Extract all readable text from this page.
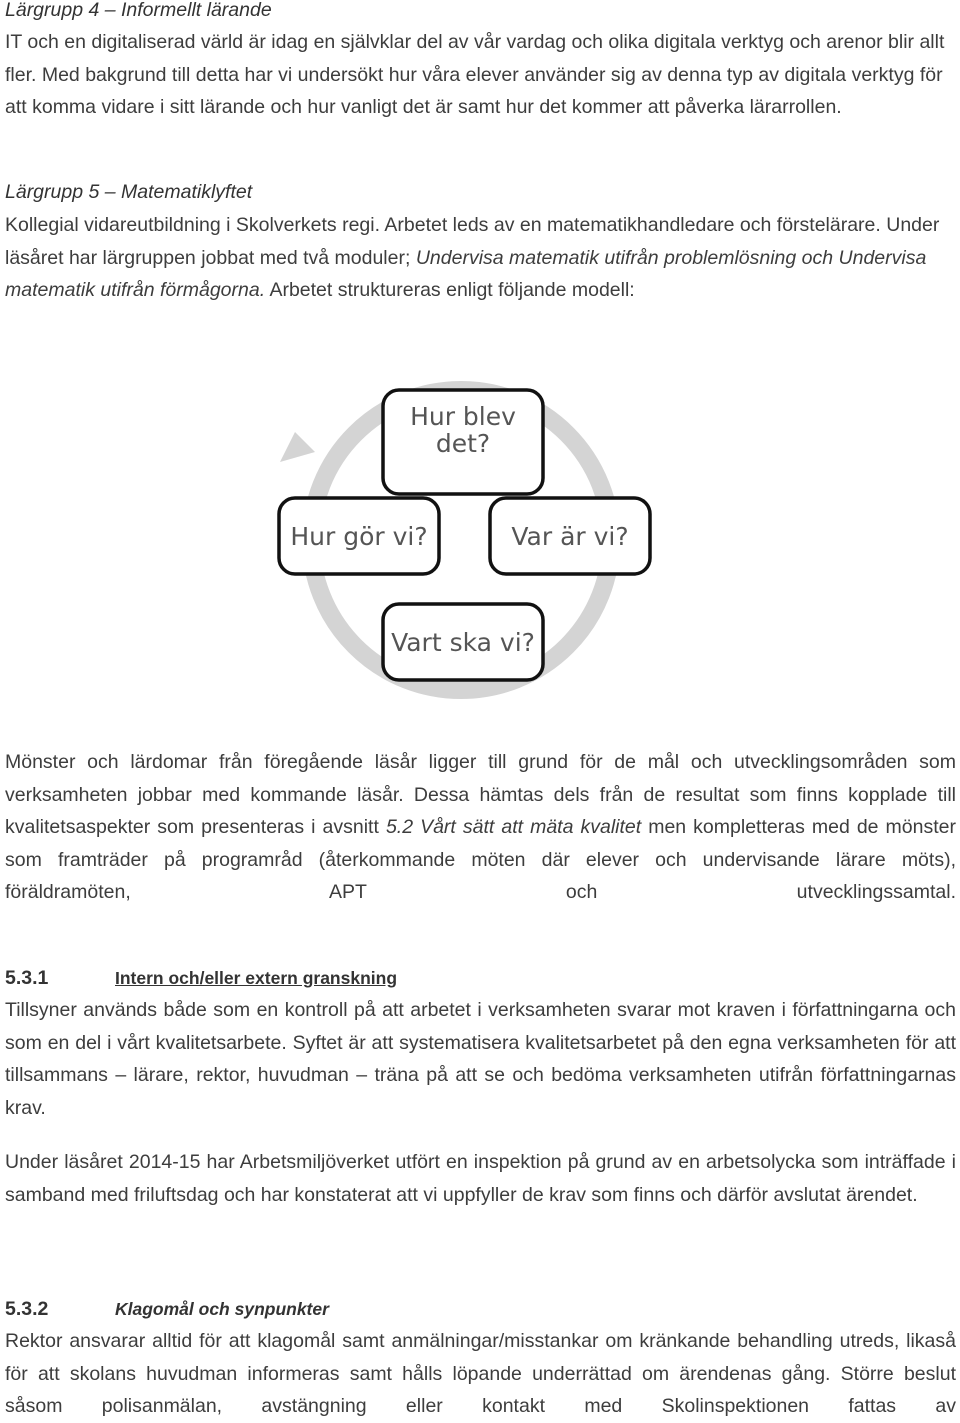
Lärgrupp 4 – Informellt lärande
IT och en digitaliserad värld är idag en självklar del av vår vardag och olika digitala verktyg och arenor blir allt fler. Med bakgrund till detta har vi undersökt hur våra elever använder sig av denna typ av digitala verktyg för att komma vidare i sitt lärande och hur vanligt det är samt hur det kommer att påverka lärarrollen.
Lärgrupp 5 – Matematiklyftet
Kollegial vidareutbildning i Skolverkets regi. Arbetet leds av en matematikhandledare och förstelärare. Under läsåret har lärgruppen jobbat med två moduler; Undervisa matematik utifrån problemlösning och Undervisa matematik utifrån förmågorna. Arbetet struktureras enligt följande modell:
Hur blev
det?
Hur gör vi?	Var är vi?
Vart ska vi?
Mönster och lärdomar från föregående läsår ligger till grund för de mål och utvecklingsområden som verksamheten jobbar med kommande läsår. Dessa hämtas dels från de resultat som finns kopplade till kvalitetsaspekter som presenteras i avsnitt 5.2 Vårt sätt att mäta kvalitet men kompletteras med de mönster som framträder på programråd (återkommande möten där elever och undervisande lärare möts), föräldramöten, APT och utvecklingssamtal.
5.3.1	Intern och/eller extern granskning
Tillsyner används både som en kontroll på att arbetet i verksamheten svarar mot kraven i författningarna och som en del i vårt kvalitetsarbete. Syftet är att systematisera kvalitetsarbetet på den egna verksamheten för att tillsammans – lärare, rektor, huvudman – träna på att se och bedöma verksamheten utifrån författningarnas krav.
Under läsåret 2014-15 har Arbetsmiljöverket utfört en inspektion på grund av en arbetsolycka som inträffade i samband med friluftsdag och har konstaterat att vi uppfyller de krav som finns och därför avslutat ärendet.
5.3.2	Klagomål och synpunkter
Rektor ansvarar alltid för att klagomål samt anmälningar/misstankar om kränkande behandling utreds, likaså för att skolans huvudman informeras samt hålls löpande underrättad om ärendenas gång. Större beslut såsom polisanmälan, avstängning eller kontakt med Skolinspektionen fattas av
